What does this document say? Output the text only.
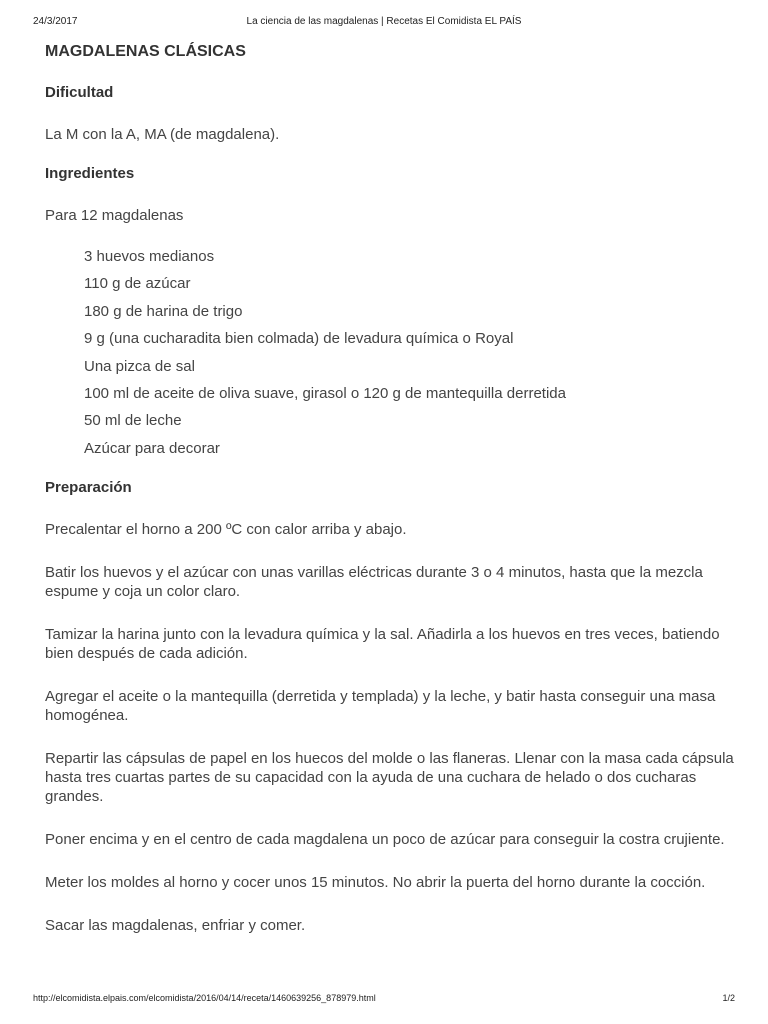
24/3/2017	La ciencia de las magdalenas | Recetas El Comidista EL PAÍS
MAGDALENAS CLÁSICAS
Dificultad

La M con la A, MA (de magdalena).

Ingredientes

Para 12 magdalenas

3 huevos medianos
110 g de azúcar
180 g de harina de trigo
9 g (una cucharadita bien colmada) de levadura química o Royal
Una pizca de sal
100 ml de aceite de oliva suave, girasol o 120 g de mantequilla derretida
50 ml de leche
Azúcar para decorar
Preparación

Precalentar el horno a 200 ºC con calor arriba y abajo.

Batir los huevos y el azúcar con unas varillas eléctricas durante 3 o 4 minutos, hasta que la mezcla espume y coja un color claro.

Tamizar la harina junto con la levadura química y la sal. Añadirla a los huevos en tres veces, batiendo bien después de cada adición.

Agregar el aceite o la mantequilla (derretida y templada) y la leche, y batir hasta conseguir una masa homogénea.

Repartir las cápsulas de papel en los huecos del molde o las flaneras. Llenar con la masa cada cápsula hasta tres cuartas partes de su capacidad con la ayuda de una cuchara de helado o dos cucharas grandes.

Poner encima y en el centro de cada magdalena un poco de azúcar para conseguir la costra crujiente.

Meter los moldes al horno y cocer unos 15 minutos. No abrir la puerta del horno durante la cocción.

Sacar las magdalenas, enfriar y comer.

http://elcomidista.elpais.com/elcomidista/2016/04/14/receta/1460639256_878979.html	1/2
